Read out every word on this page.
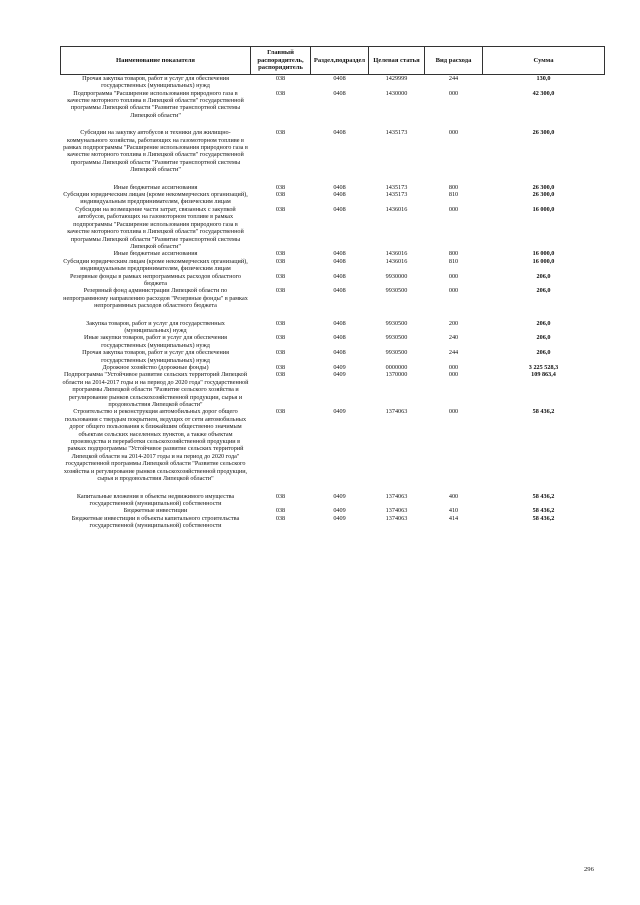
Наименование показателя	Главный распорядитель, распорядитель	Раздел,подраздел	Целевая статья	Вид расхода	Сумма
Прочая закупка товаров, работ и услуг для обеспечения государственных (муниципальных) нужд	038	0408	1429999	244	130,0
Подпрограмма "Расширение использования природного газа в качестве моторного топлива в Липецкой области" государственной программы Липецкой области "Развитие транспортной системы Липецкой области"	038	0408	1430000	000	42 300,0

Субсидии на закупку автобусов и техники для жилищно-коммунального хозяйства, работающих на газомоторном топливе в рамках подпрограммы "Расширение использования природного газа в качестве моторного топлива в Липецкой области" государственной программы Липецкой области "Развитие транспортной системы Липецкой области"	038	0408	1435173	000	26 300,0

Иные бюджетные ассигнования	038	0408	1435173	800	26 300,0
Субсидии юридическим лицам (кроме некоммерческих организаций), индивидуальным предпринимателям, физическим лицам	038	0408	1435173	810	26 300,0
Субсидии на возмещение части затрат, связанных с закупкой автобусов, работающих на газомоторном топливе в рамках подпрограммы "Расширение использования природного газа в качестве моторного топлива в Липецкой области" государственной программы Липецкой области "Развитие транспортной системы Липецкой области"	038	0408	1436016	000	16 000,0
Иные бюджетные ассигнования	038	0408	1436016	800	16 000,0
Субсидии юридическим лицам (кроме некоммерческих организаций), индивидуальным предпринимателям, физическим лицам	038	0408	1436016	810	16 000,0
Резервные фонды в рамках непрограммных расходов областного бюджета	038	0408	9930000	000	206,0
Резервный фонд администрации Липецкой области по непрограммному направлению расходов "Резервные фонды" в рамках непрограммных расходов областного бюджета	038	0408	9930500	000	206,0

Закупка товаров, работ и услуг для государственных (муниципальных) нужд	038	0408	9930500	200	206,0
Иные закупки товаров, работ и услуг для обеспечения государственных (муниципальных) нужд	038	0408	9930500	240	206,0
Прочая закупка товаров, работ и услуг для обеспечения государственных (муниципальных) нужд	038	0408	9930500	244	206,0
Дорожное хозяйство (дорожные фонды)	038	0409	0000000	000	3 225 528,3
Подпрограмма "Устойчивое развитие сельских территорий Липецкой области на 2014-2017 годы и на период до 2020 года" государственной программы Липецкой области "Развитие сельского хозяйства и регулирование рынков сельскохозяйственной продукции, сырья и продовольствия Липецкой области"	038	0409	1370000	000	109 863,4
Строительство и реконструкция автомобильных дорог общего пользования с твердым покрытием, ведущих от сети автомобильных дорог общего пользования к ближайшим общественно значимым объектам сельских населенных пунктов, а также объектам производства и переработки сельскохозяйственной продукции в рамках подпрограммы "Устойчивое развитие сельских территорий Липецкой области на 2014-2017 годы и на период до 2020 года" государственной программы Липецкой области "Развитие сельского хозяйства и регулирование рынков сельскохозяйственной продукции, сырья и продовольствия Липецкой области"	038	0409	1374063	000	58 436,2

Капитальные вложения в объекты недвижимого имущества государственной (муниципальной) собственности	038	0409	1374063	400	58 436,2
Бюджетные инвестиции	038	0409	1374063	410	58 436,2
Бюджетные инвестиции в объекты капитального строительства государственной (муниципальной) собственности	038	0409	1374063	414	58 436,2
296
